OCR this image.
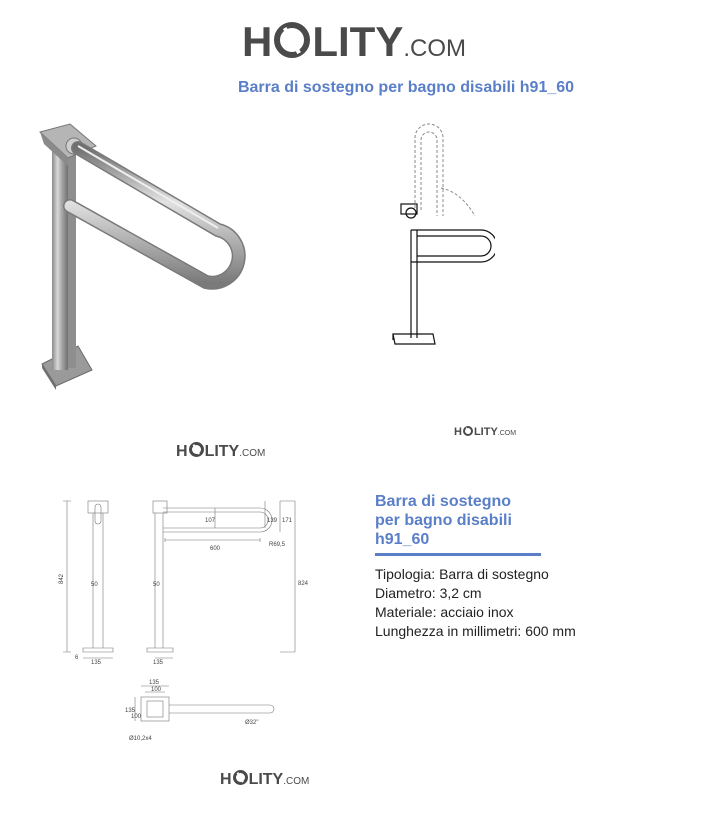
H LITY .COM
Barra di sostegno per bagno disabili h91_60
H LITY .COM
H LITY .COM
842
50
6
135
50
600
107	139 171
R69,5
824
135
135
100
135
100
Ø10,2x4
Ø32"
H LITY .COM
Barra di sostegno
per bagno disabili
h91_60
Tipologia: Barra di sostegno
Diametro: 3,2 cm
Materiale: acciaio inox
Lunghezza in millimetri: 600 mm
